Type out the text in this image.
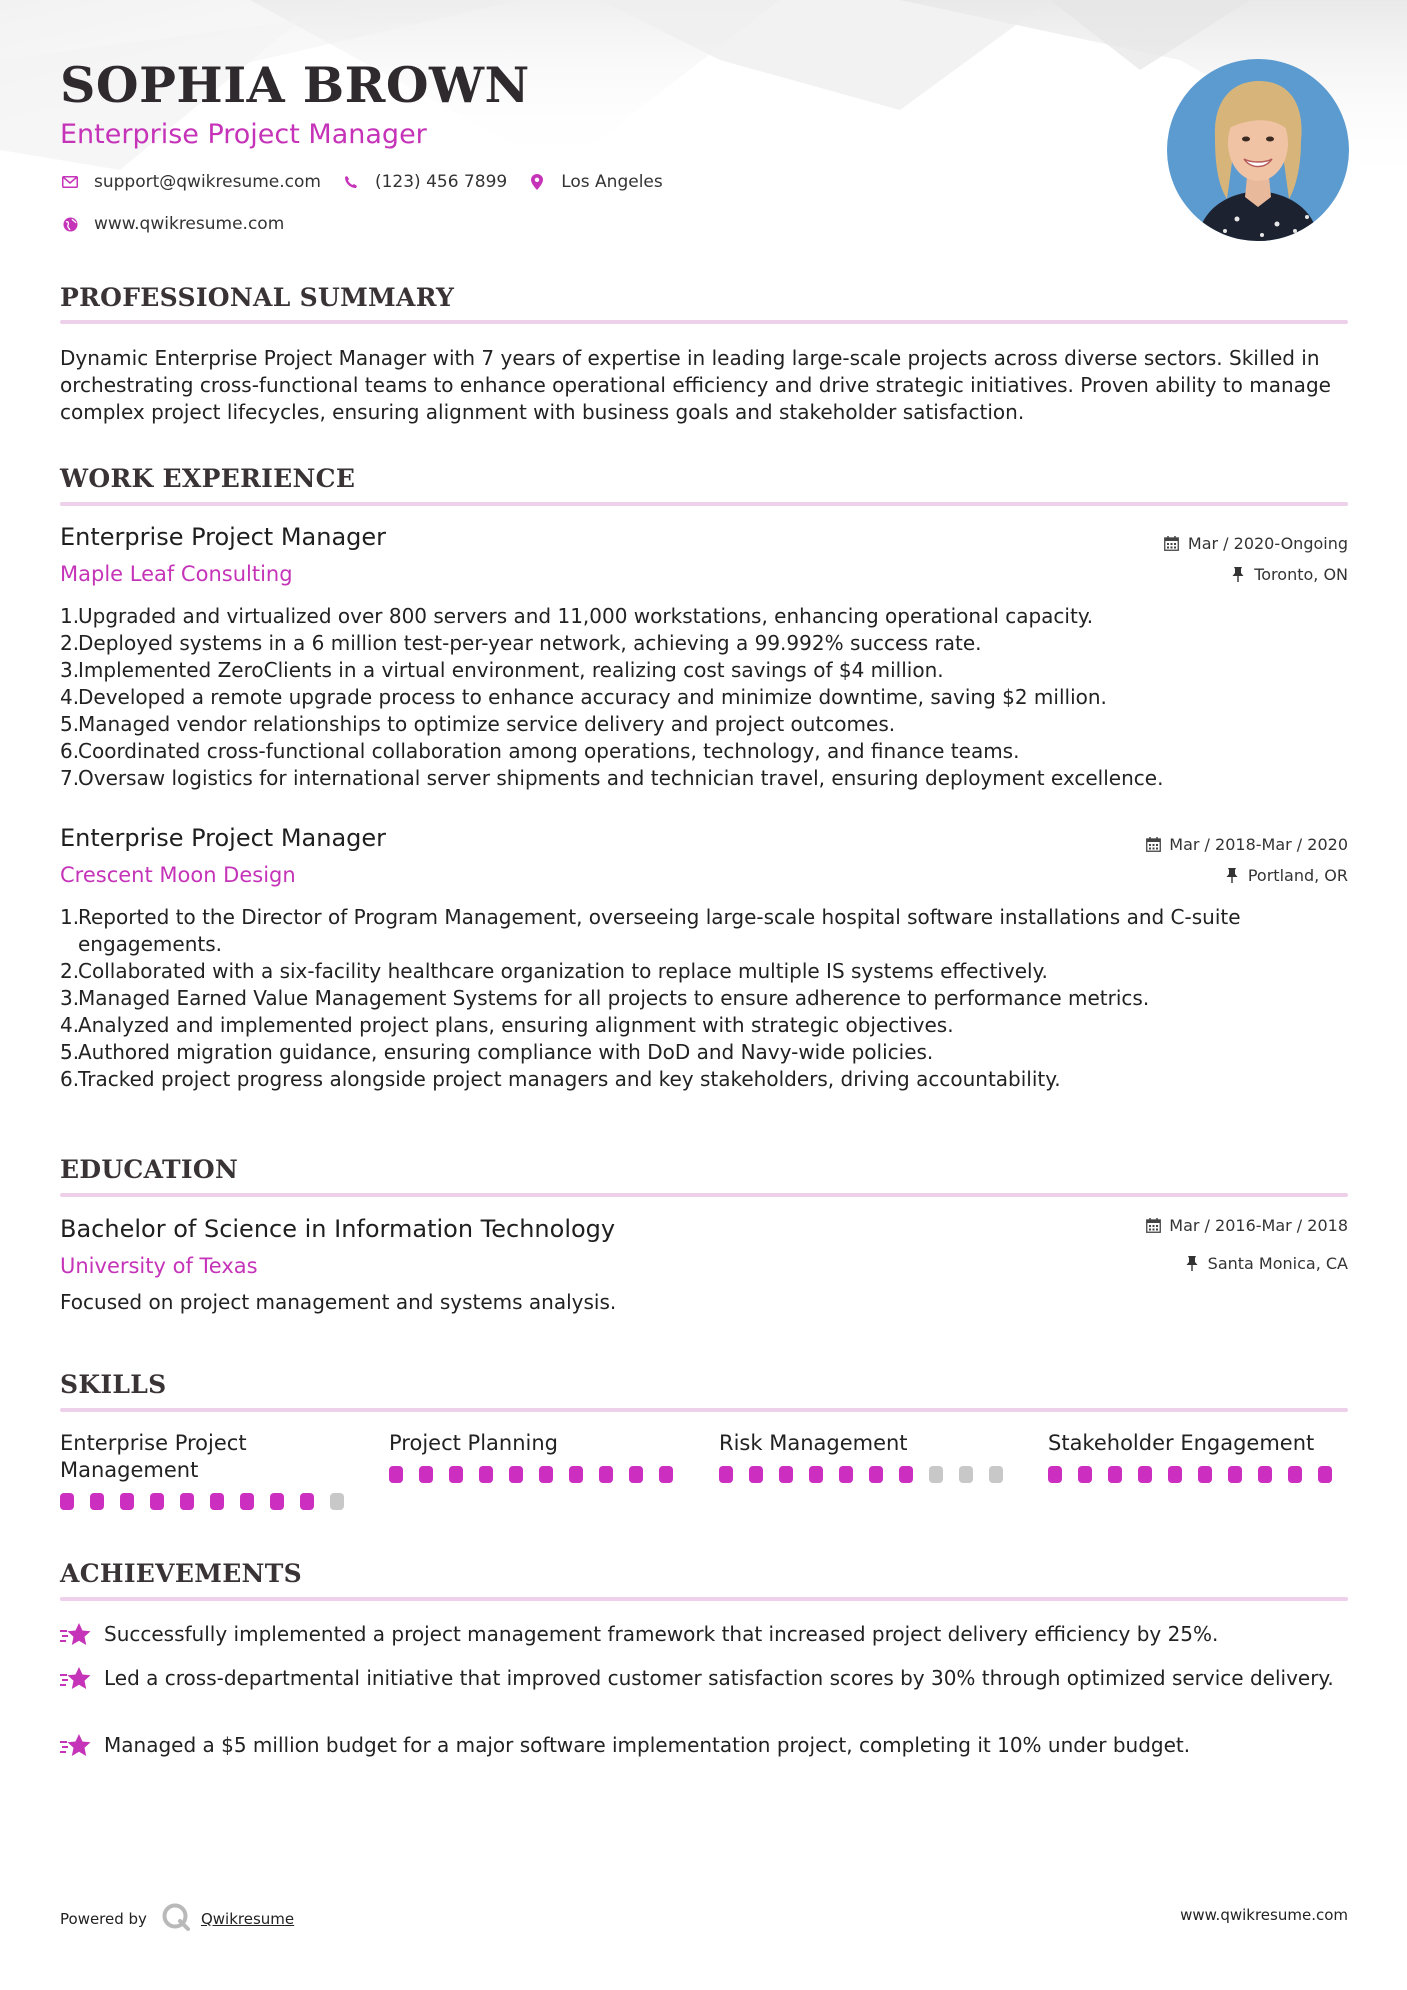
SOPHIA BROWN
Enterprise Project Manager
support@qwikresume.com	(123) 456 7899	Los Angeles
www.qwikresume.com
PROFESSIONAL SUMMARY
Dynamic Enterprise Project Manager with 7 years of expertise in leading large-scale projects across diverse sectors. Skilled in orchestrating cross-functional teams to enhance operational efficiency and drive strategic initiatives. Proven ability to manage complex project lifecycles, ensuring alignment with business goals and stakeholder satisfaction.
WORK EXPERIENCE
Enterprise Project Manager
Maple Leaf Consulting
Mar / 2020-Ongoing
Toronto, ON
1.
Upgraded and virtualized over 800 servers and 11,000 workstations, enhancing operational capacity.
2.
Deployed systems in a 6 million test-per-year network, achieving a 99.992% success rate.
3.
Implemented ZeroClients in a virtual environment, realizing cost savings of $4 million.
4.
Developed a remote upgrade process to enhance accuracy and minimize downtime, saving $2 million.
5.
Managed vendor relationships to optimize service delivery and project outcomes.
6.
Coordinated cross-functional collaboration among operations, technology, and finance teams.
7.
Oversaw logistics for international server shipments and technician travel, ensuring deployment excellence.
Enterprise Project Manager
Crescent Moon Design
Mar / 2018-Mar / 2020
Portland, OR
1.
Reported to the Director of Program Management, overseeing large-scale hospital software installations and C-suite engagements.
2.
Collaborated with a six-facility healthcare organization to replace multiple IS systems effectively.
3.
Managed Earned Value Management Systems for all projects to ensure adherence to performance metrics.
4.
Analyzed and implemented project plans, ensuring alignment with strategic objectives.
5.
Authored migration guidance, ensuring compliance with DoD and Navy-wide policies.
6.
Tracked project progress alongside project managers and key stakeholders, driving accountability.
EDUCATION
Bachelor of Science in Information Technology
University of Texas
Mar / 2016-Mar / 2018
Santa Monica, CA
Focused on project management and systems analysis.
SKILLS
Enterprise Project Management
Project Planning	Risk Management	Stakeholder Engagement
ACHIEVEMENTS
Successfully implemented a project management framework that increased project delivery efficiency by 25%.
Led a cross-departmental initiative that improved customer satisfaction scores by 30% through optimized service delivery.
Managed a $5 million budget for a major software implementation project, completing it 10% under budget.
Powered by	Qwikresume	www.qwikresume.com
